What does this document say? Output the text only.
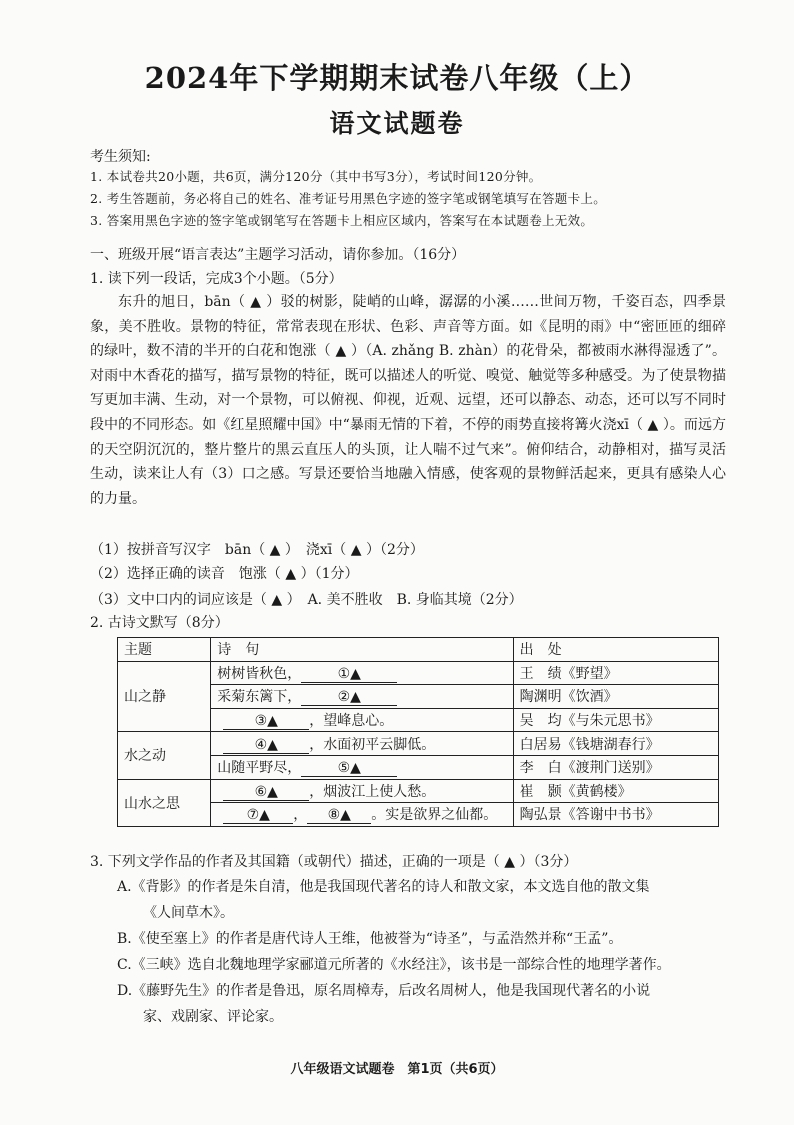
2024年下学期期末试卷八年级（上）
语文试题卷
考生须知:
1. 本试卷共20小题，共6页，满分120分（其中书写3分），考试时间120分钟。
2. 考生答题前，务必将自己的姓名、准考证号用黑色字迹的签字笔或钢笔填写在答题卡上。
3. 答案用黑色字迹的签字笔或钢笔写在答题卡上相应区域内，答案写在本试题卷上无效。
一、班级开展“语言表达”主题学习活动，请你参加。（16分）
1. 读下列一段话，完成3个小题。（5分）

东升的旭日，bān（ ▲ ）驳的树影，陡峭的山峰，潺潺的小溪……世间万物，千姿百态，四季景象，美不胜收。景物的特征，常常表现在形状、色彩、声音等方面。如《昆明的雨》中“密匝匝的细碎的绿叶，数不清的半开的白花和饱涨（ ▲ ）（A. zhǎng B. zhàn）的花骨朵，都被雨水淋得湿透了”。对雨中木香花的描写，描写景物的特征，既可以描述人的听觉、嗅觉、触觉等多种感受。为了使景物描写更加丰满、生动，对一个景物，可以俯视、仰视，近观、远望，还可以静态、动态，还可以写不同时段中的不同形态。如《红星照耀中国》中“暴雨无情的下着，不停的雨势直接将篝火浇xī（ ▲ ）。而远方的天空阴沉沉的，整片整片的黑云直压人的头顶，让人喘不过气来”。俯仰结合，动静相对，描写灵活生动，读来让人有（3）口之感。写景还要恰当地融入情感，使客观的景物鲜活起来，更具有感染人心的力量。

（1）按拼音写汉字　bān（ ▲ ）　浇xī（ ▲ ）（2分）
（2）选择正确的读音　饱涨（ ▲ ）（1分）
（3）文中口内的词应该是（ ▲ ）　A. 美不胜收　B. 身临其境（2分）
2. 古诗文默写（8分）
主题	诗　句	出　处
山之静	树树皆秋色， ①▲	王　绩《野望》
	采菊东篱下， ②▲	陶渊明《饮酒》
	③▲ ，望峰息心。	吴　均《与朱元思书》
水之动	④▲ ，水面初平云脚低。	白居易《钱塘湖春行》
	山随平野尽， ⑤▲	李　白《渡荆门送别》
山水之思	⑥▲ ，烟波江上使人愁。	崔　颢《黄鹤楼》
	⑦▲ ， ⑧▲ 。实是欲界之仙都。	陶弘景《答谢中书书》
3. 下列文学作品的作者及其国籍（或朝代）描述，正确的一项是（ ▲ ）（3分）

A.《背影》的作者是朱自清，他是我国现代著名的诗人和散文家，本文选自他的散文集

《人间草木》。

B.《使至塞上》的作者是唐代诗人王维，他被誉为“诗圣”，与孟浩然并称“王孟”。

C.《三峡》选自北魏地理学家郦道元所著的《水经注》，该书是一部综合性的地理学著作。

D.《藤野先生》的作者是鲁迅，原名周樟寿，后改名周树人，他是我国现代著名的小说

家、戏剧家、评论家。

八年级语文试题卷　第1页（共6页）
